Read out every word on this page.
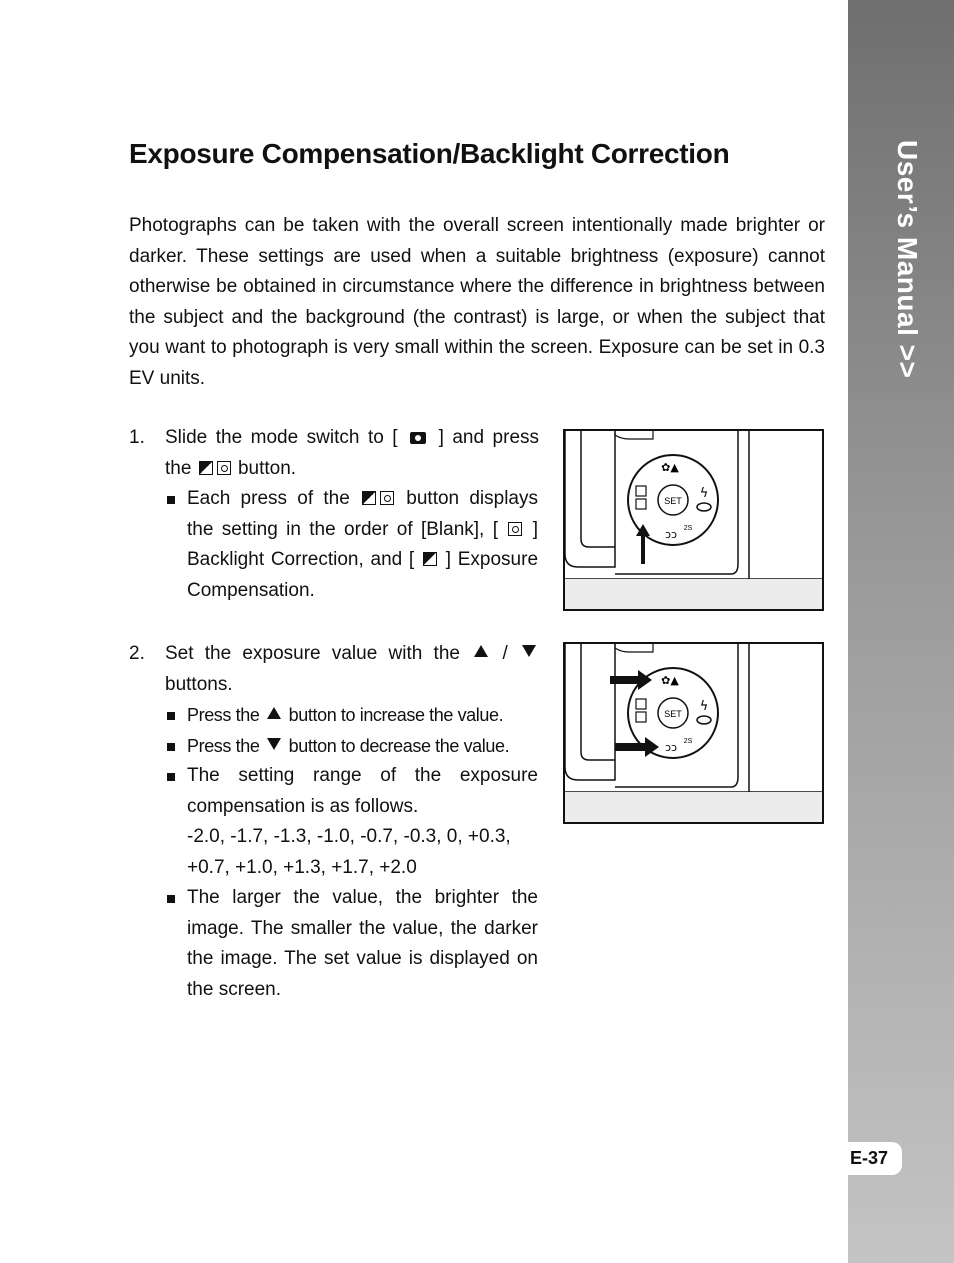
User’s Manual >>
E-37
Exposure Compensation/Backlight Correction

Photographs can be taken with the overall screen intentionally made brighter or darker. These settings are used when a suitable brightness (exposure) cannot otherwise be obtained in circumstance where the difference in brightness between the subject and the background (the contrast) is large, or when the subject that you want to photograph is very small within the screen. Exposure can be set in 0.3 EV units.

1. Slide the mode switch to [ ] and press the button.
Each press of the	button displays the setting in the order of [Blank], [ ] Backlight Correction, and [ ] Exposure Compensation.
2. Set the exposure value with the /  buttons.
Press the button to increase the value.
Press the button to decrease the value.
The setting range of the exposure compensation is as follows.
-2.0, -1.7, -1.3, -1.0, -0.7, -0.3, 0, +0.3, +0.7, +1.0, +1.3, +1.7, +2.0
The larger the value, the brighter the image. The smaller the value, the darker the image. The set value is displayed on the screen.
SET
✿▲
ϟ
ↄↄ 2S
SET
✿▲
ϟ
ↄↄ 2S
